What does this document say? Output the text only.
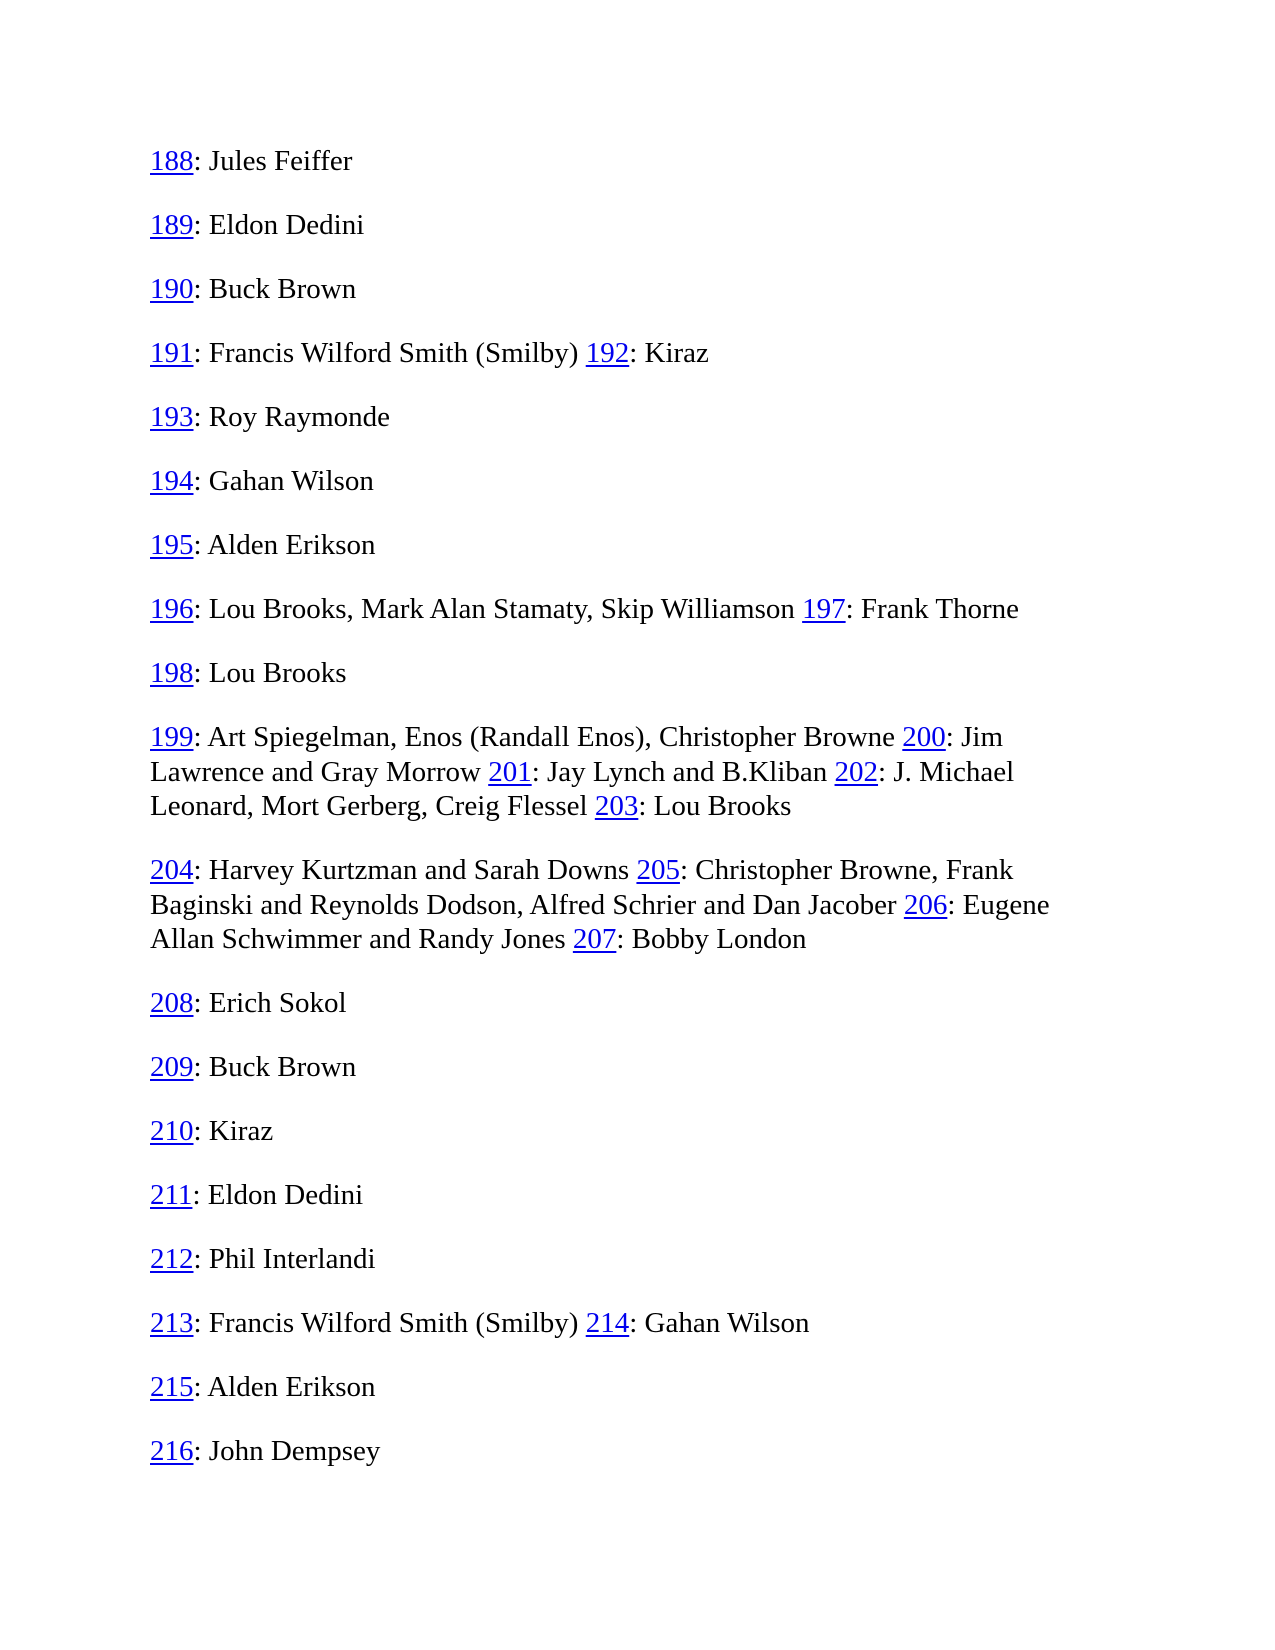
188: Jules Feiffer

189: Eldon Dedini

190: Buck Brown

191: Francis Wilford Smith (Smilby) 192: Kiraz

193: Roy Raymonde

194: Gahan Wilson

195: Alden Erikson

196: Lou Brooks, Mark Alan Stamaty, Skip Williamson 197: Frank Thorne

198: Lou Brooks

199: Art Spiegelman, Enos (Randall Enos), Christopher Browne 200: Jim Lawrence and Gray Morrow 201: Jay Lynch and B.Kliban 202: J. Michael Leonard, Mort Gerberg, Creig Flessel 203: Lou Brooks

204: Harvey Kurtzman and Sarah Downs 205: Christopher Browne, Frank Baginski and Reynolds Dodson, Alfred Schrier and Dan Jacober 206: Eugene Allan Schwimmer and Randy Jones 207: Bobby London

208: Erich Sokol

209: Buck Brown

210: Kiraz

211: Eldon Dedini

212: Phil Interlandi

213: Francis Wilford Smith (Smilby) 214: Gahan Wilson

215: Alden Erikson

216: John Dempsey
